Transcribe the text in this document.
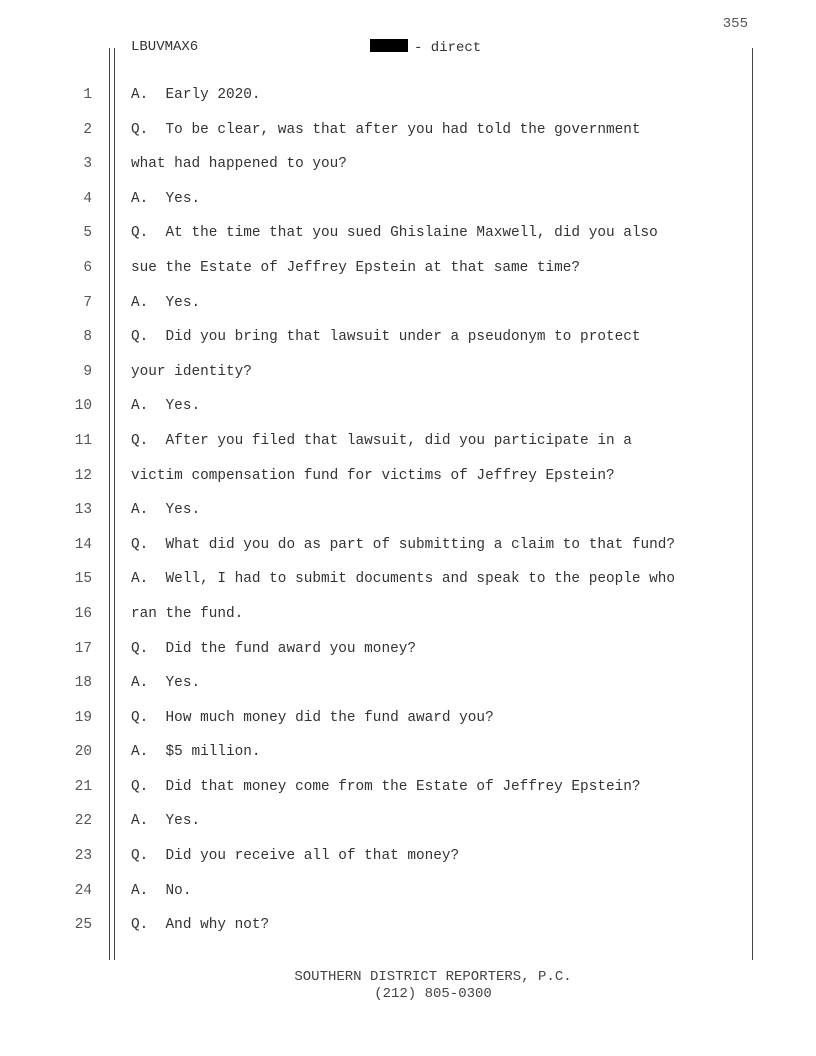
355
LBUVMAX6	- direct
1	A.  Early 2020.
2	Q.  To be clear, was that after you had told the government
3	what had happened to you?
4	A.  Yes.
5	Q.  At the time that you sued Ghislaine Maxwell, did you also
6	sue the Estate of Jeffrey Epstein at that same time?
7	A.  Yes.
8	Q.  Did you bring that lawsuit under a pseudonym to protect
9	your identity?
10	A.  Yes.
11	Q.  After you filed that lawsuit, did you participate in a
12	victim compensation fund for victims of Jeffrey Epstein?
13	A.  Yes.
14	Q.  What did you do as part of submitting a claim to that fund?
15	A.  Well, I had to submit documents and speak to the people who
16	ran the fund.
17	Q.  Did the fund award you money?
18	A.  Yes.
19	Q.  How much money did the fund award you?
20	A.  $5 million.
21	Q.  Did that money come from the Estate of Jeffrey Epstein?
22	A.  Yes.
23	Q.  Did you receive all of that money?
24	A.  No.
25	Q.  And why not?
SOUTHERN DISTRICT REPORTERS, P.C.
(212) 805-0300
